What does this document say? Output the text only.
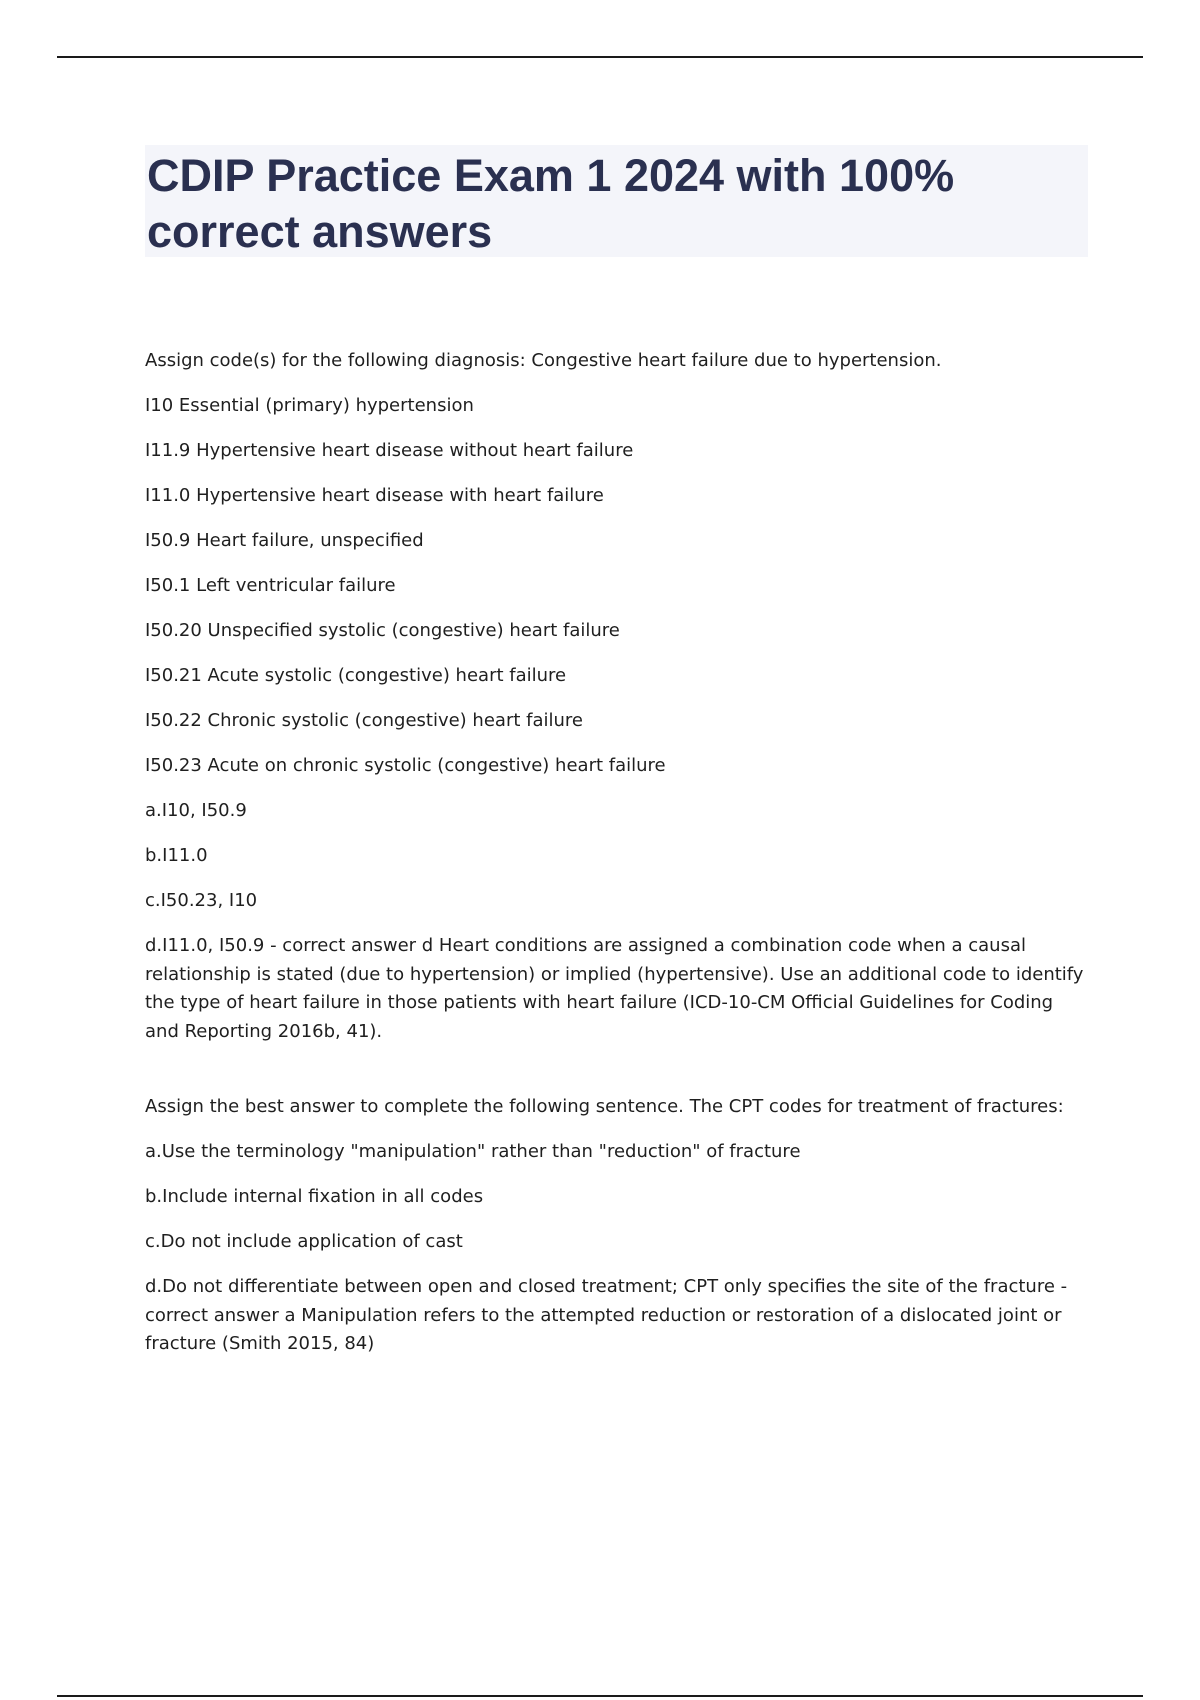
CDIP Practice Exam 1 2024 with 100% correct answers

Assign code(s) for the following diagnosis: Congestive heart failure due to hypertension.

I10 Essential (primary) hypertension

I11.9 Hypertensive heart disease without heart failure

I11.0 Hypertensive heart disease with heart failure

I50.9 Heart failure, unspecified

I50.1 Left ventricular failure

I50.20 Unspecified systolic (congestive) heart failure

I50.21 Acute systolic (congestive) heart failure

I50.22 Chronic systolic (congestive) heart failure

I50.23 Acute on chronic systolic (congestive) heart failure

a.I10, I50.9

b.I11.0

c.I50.23, I10

d.I11.0, I50.9 - correct answer d Heart conditions are assigned a combination code when a causal relationship is stated (due to hypertension) or implied (hypertensive). Use an additional code to identify the type of heart failure in those patients with heart failure (ICD-10-CM Official Guidelines for Coding and Reporting 2016b, 41).

Assign the best answer to complete the following sentence. The CPT codes for treatment of fractures:

a.Use the terminology "manipulation" rather than "reduction" of fracture

b.Include internal fixation in all codes

c.Do not include application of cast

d.Do not differentiate between open and closed treatment; CPT only specifies the site of the fracture - correct answer a Manipulation refers to the attempted reduction or restoration of a dislocated joint or fracture (Smith 2015, 84)
